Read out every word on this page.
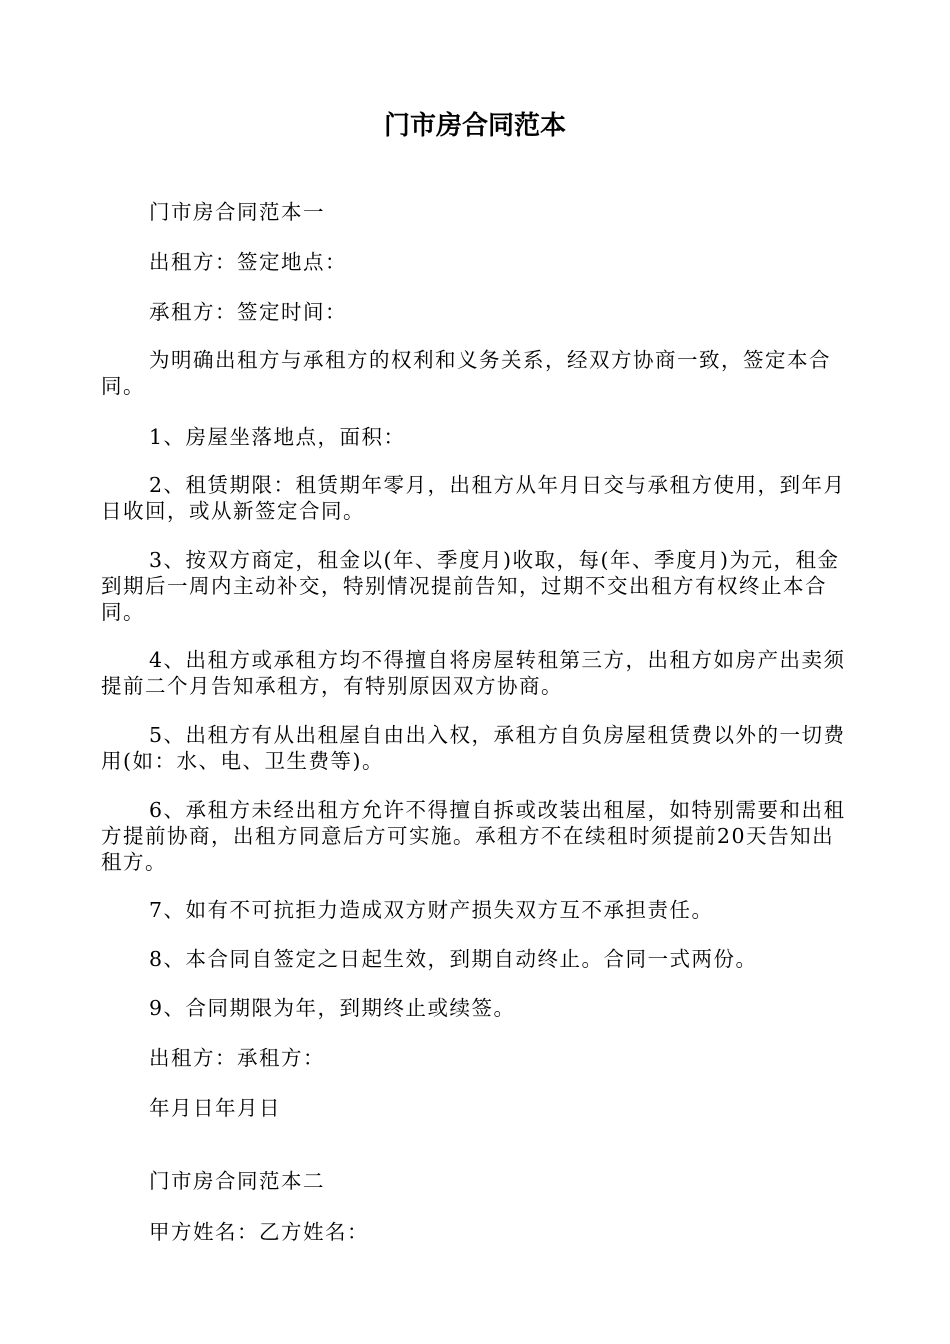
门市房合同范本

门市房合同范本一

出租方：签定地点：

承租方：签定时间：

为明确出租方与承租方的权利和义务关系，经双方协商一致，签定本合同。

1、房屋坐落地点，面积：

2、租赁期限：租赁期年零月，出租方从年月日交与承租方使用，到年月日收回，或从新签定合同。

3、按双方商定，租金以(年、季度月)收取，每(年、季度月)为元，租金到期后一周内主动补交，特别情况提前告知，过期不交出租方有权终止本合同。

4、出租方或承租方均不得擅自将房屋转租第三方，出租方如房产出卖须提前二个月告知承租方，有特别原因双方协商。

5、出租方有从出租屋自由出入权，承租方自负房屋租赁费以外的一切费用(如：水、电、卫生费等)。

6、承租方未经出租方允许不得擅自拆或改装出租屋，如特别需要和出租方提前协商，出租方同意后方可实施。承租方不在续租时须提前20天告知出租方。

7、如有不可抗拒力造成双方财产损失双方互不承担责任。

8、本合同自签定之日起生效，到期自动终止。合同一式两份。

9、合同期限为年，到期终止或续签。

出租方：承租方：

年月日年月日

门市房合同范本二

甲方姓名：乙方姓名：
